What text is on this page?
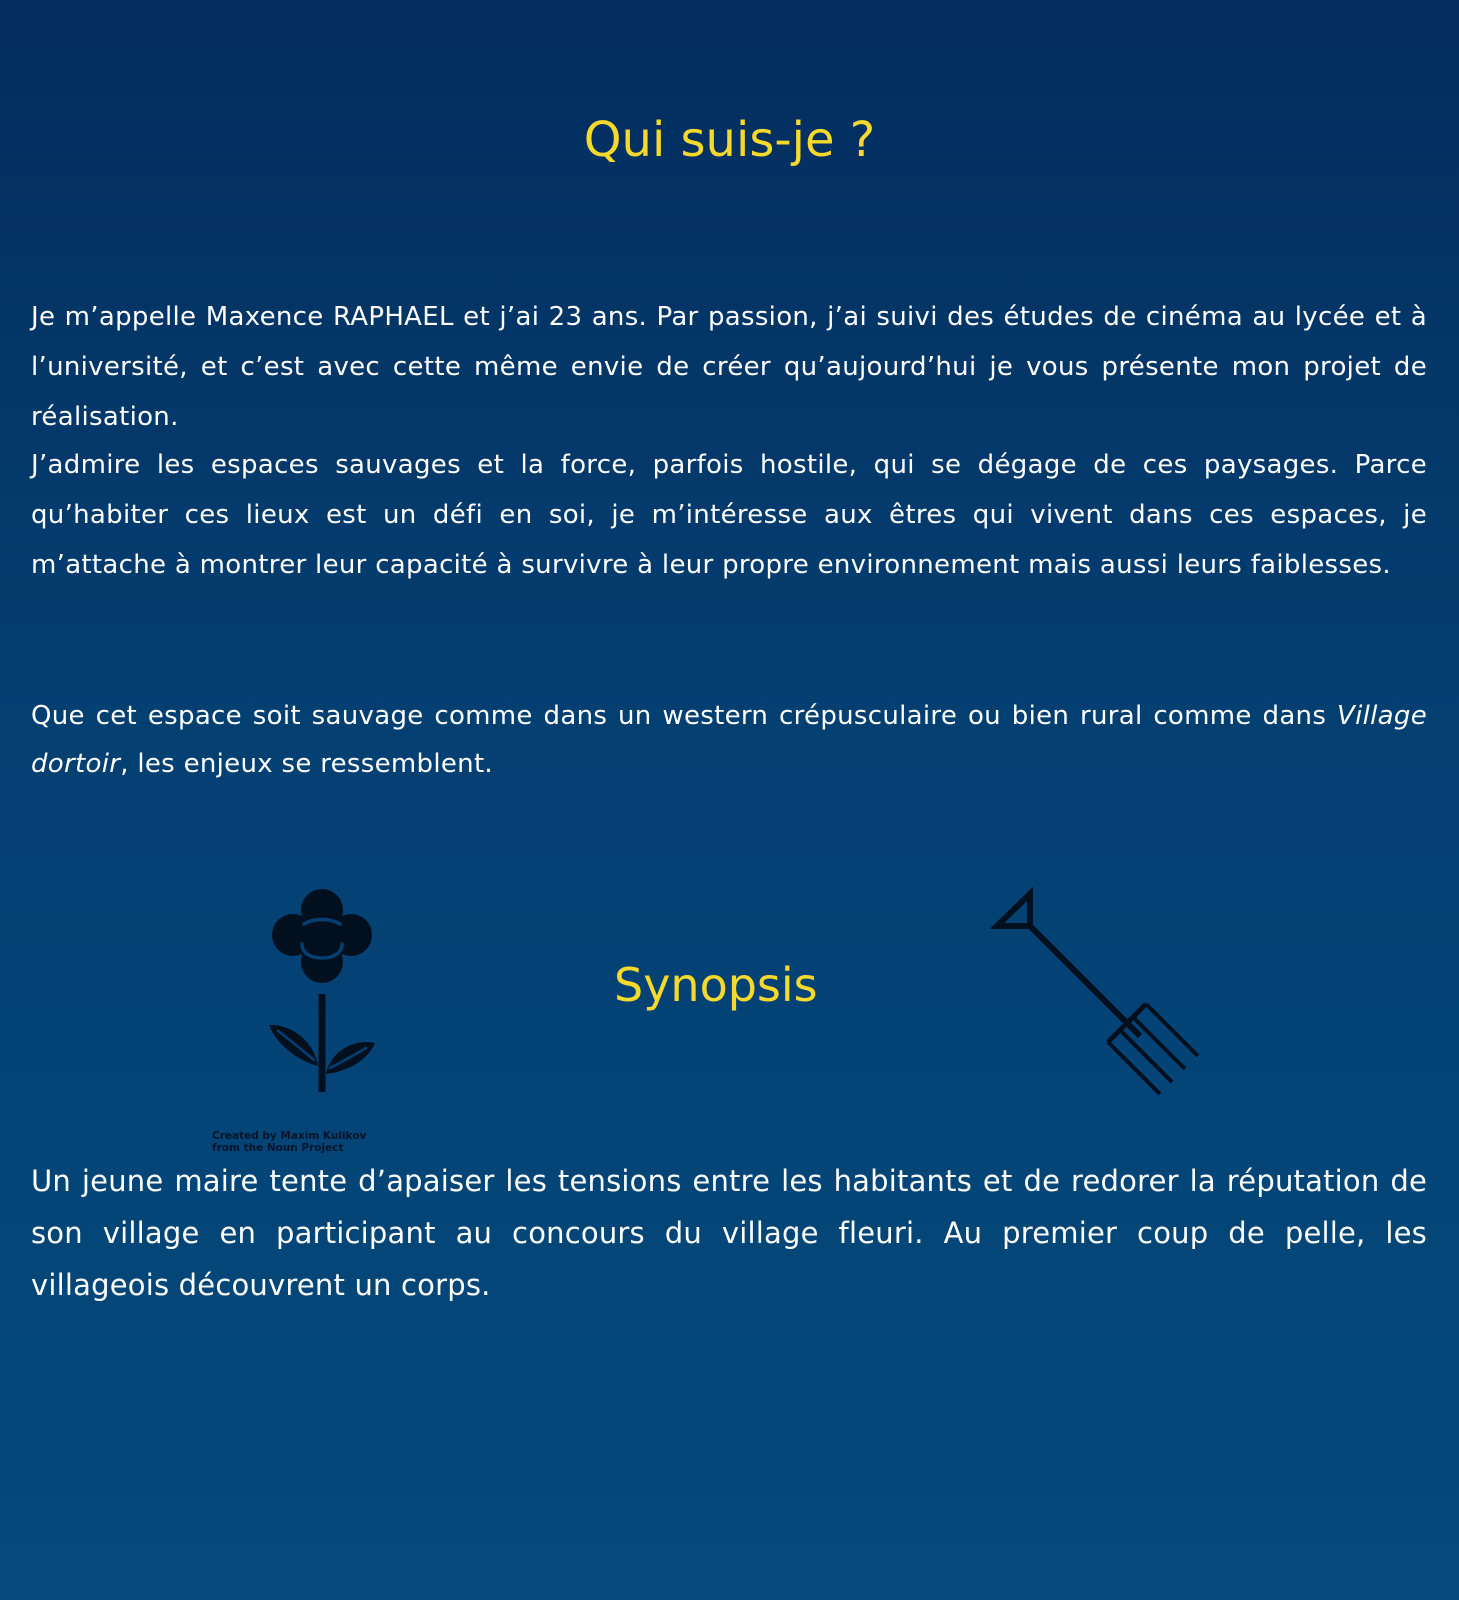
Qui suis-je ?

Je m’appelle Maxence RAPHAEL et j’ai 23 ans. Par passion, j’ai suivi des études de cinéma au lycée et à l’université, et c’est avec cette même envie de créer qu’aujourd’hui je vous présente mon projet de réalisation.

J’admire les espaces sauvages et la force, parfois hostile, qui se dégage de ces paysages. Parce qu’habiter ces lieux est un défi en soi, je m’intéresse aux êtres qui vivent dans ces espaces, je m’attache à montrer leur capacité à survivre à leur propre environnement mais aussi leurs faiblesses.

Que cet espace soit sauvage comme dans un western crépusculaire ou bien rural comme dans Village dortoir, les enjeux se ressemblent.

Created by Maxim Kulikov
from the Noun Project
Synopsis

Un jeune maire tente d’apaiser les tensions entre les habitants et de redorer la réputation de son village en participant au concours du village fleuri. Au premier coup de pelle, les villageois découvrent un corps.
